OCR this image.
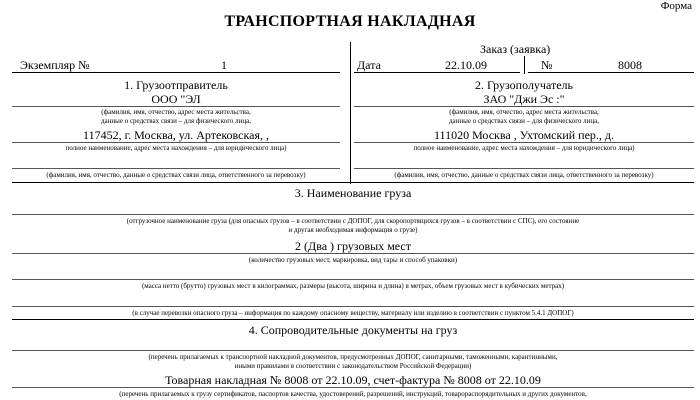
Форма
ТРАНСПОРТНАЯ НАКЛАДНАЯ
Заказ (заявка)
Экземпляр №	1	Дата	22.10.09	№	8008
1. Грузоотправитель
ООО "ЭЛ
(фамилия, имя, отчество, адрес места жительства,
данные о средствах связи – для физического лица,
117452, г. Москва, ул. Артековская, ,
полное наименование, адрес места нахождения – для юридического лица)
(фамилия, имя, отчество, данные о средствах связи лица, ответственного за перевозку)
2. Грузополучатель
ЗАО "Джи Эс :"
(фамилия, имя, отчество, адрес места жительства,
данные о средствах связи – для физического лица,
111020 Москва , Ухтомский пер., д.
полное наименование, адрес места нахождения – для юридического лица)
(фамилия, имя, отчество, данные о средствах связи лица, ответственного за перевозку)
3. Наименование груза
(отгрузочное наименование груза (для опасных грузов – в соответствии с ДОПОГ, для скоропортящихся грузов – в соответствии с СПС), его состояние
и другая необходимая информация о грузе)
2 (Два ) грузовых мест
(количество грузовых мест, маркировка, вид тары и способ упаковки)
(масса нетто (брутто) грузовых мест в килограммах, размеры (высота, ширина и длина) в метрах, объем грузовых мест в кубических метрах)
(в случае перевозки опасного груза – информация по каждому опасному веществу, материалу или изделию в соответствии с пунктом 5.4.1 ДОПОГ)
4. Сопроводительные документы на груз
(перечень прилагаемых к транспортной накладной документов, предусмотренных ДОПОГ, санитарными, таможенными, карантинными,
иными правилами в соответствии с законодательством Российской Федерации)
Товарная накладная № 8008 от 22.10.09, счет-фактура № 8008 от 22.10.09
(перечень прилагаемых к грузу сертификатов, паспортов качества, удостоверений, разрешений, инструкций, товарораспорядительных и других документов,
